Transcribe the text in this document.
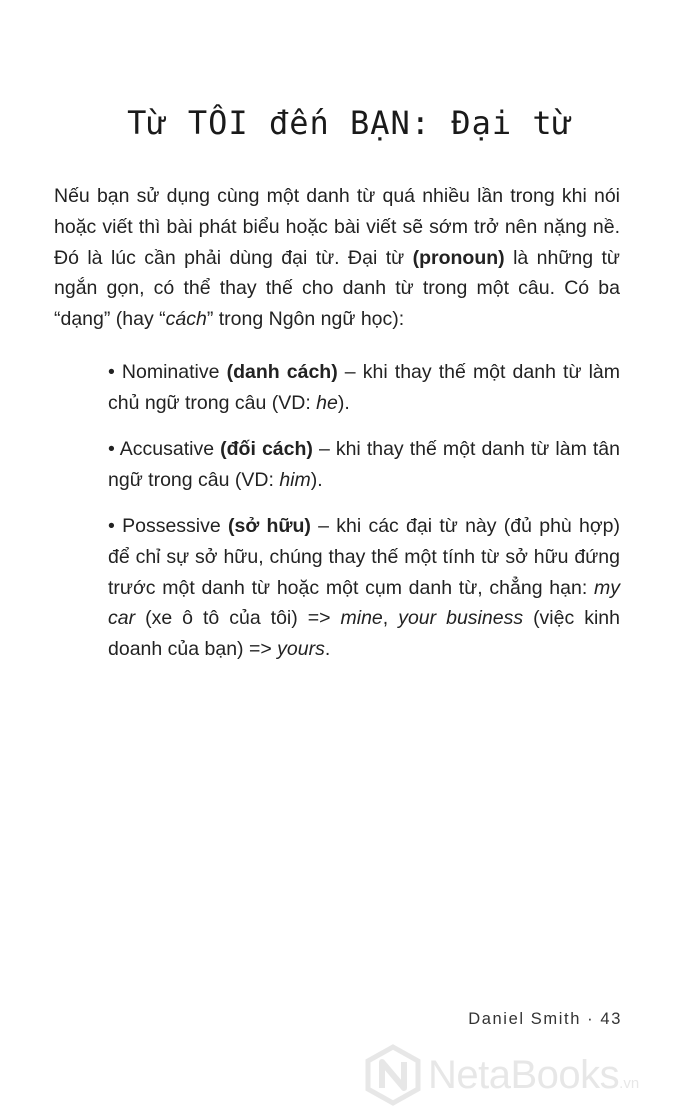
Từ TÔI đến BẠN: Đại từ

Nếu bạn sử dụng cùng một danh từ quá nhiều lần trong khi nói hoặc viết thì bài phát biểu hoặc bài viết sẽ sớm trở nên nặng nề. Đó là lúc cần phải dùng đại từ. Đại từ (pronoun) là những từ ngắn gọn, có thể thay thế cho danh từ trong một câu. Có ba “dạng” (hay “cách” trong Ngôn ngữ học):

• Nominative (danh cách) – khi thay thế một danh từ làm chủ ngữ trong câu (VD: he).

• Accusative (đối cách) – khi thay thế một danh từ làm tân ngữ trong câu (VD: him).

• Possessive (sở hữu) – khi các đại từ này (đủ phù hợp) để chỉ sự sở hữu, chúng thay thế một tính từ sở hữu đứng trước một danh từ hoặc một cụm danh từ, chẳng hạn: my car (xe ô tô của tôi) => mine, your business (việc kinh doanh của bạn) => yours.

Daniel Smith · 43
NetaBooks .vn
